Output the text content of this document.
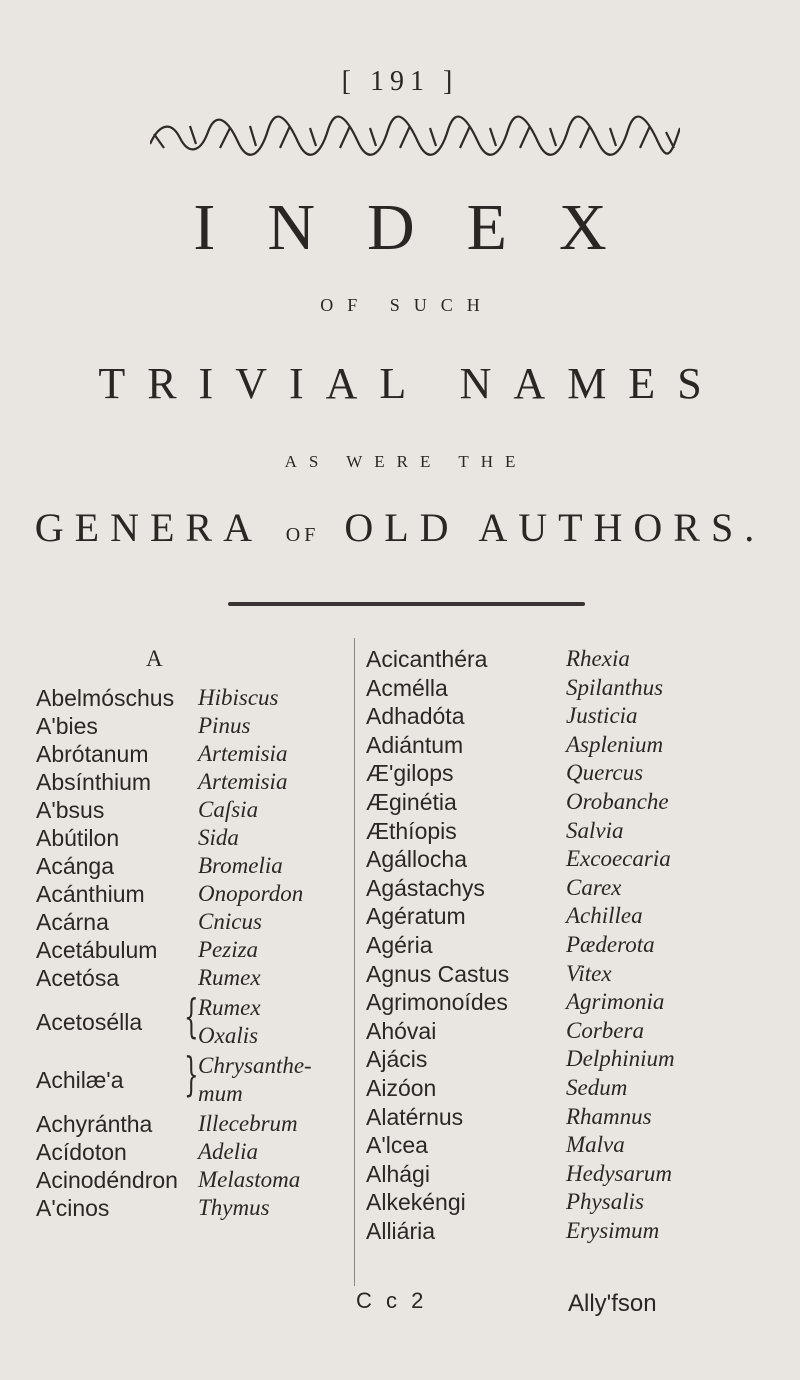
[ 191 ]
INDEX
OF SUCH
TRIVIAL NAMES
AS WERE THE
GENERA OF OLD AUTHORS.
A
Abelmóschus Hibiscus
A'bies	Pinus
Abrótanum Artemisia
Absínthium Artemisia
A'bsus	Caſsia
Abútilon	Sida
Acánga	Bromelia
Acánthium Onopordon
Acárna	Cnicus
Acetábulum Peziza
Acetósa	Rumex
Acetosélla { Rumex
Oxalis
Achilæ'a } Chrysanthe-
mum
Achyrántha Illecebrum
Acídoton	Adelia
Acinodéndron Melastoma
A'cinos	Thymus
Acicanthéra	Rhexia
Acmélla	Spilanthus
Adhadóta	Justicia
Adiántum	Asplenium
Æ'gilops	Quercus
Æginétia	Orobanche
Æthíopis	Salvia
Agállocha	Excoecaria
Agástachys	Carex
Agératum	Achillea
Agéria	Pæderota
Agnus Castus Vitex
Agrimonoídes	Agrimonia
Ahóvai	Corbera
Ajácis	Delphinium
Aizóon	Sedum
Alatérnus	Rhamnus
A'lcea	Malva
Alhági	Hedysarum
Alkekéngi	Physalis
Alliária	Erysimum
C c 2	Ally'fson
